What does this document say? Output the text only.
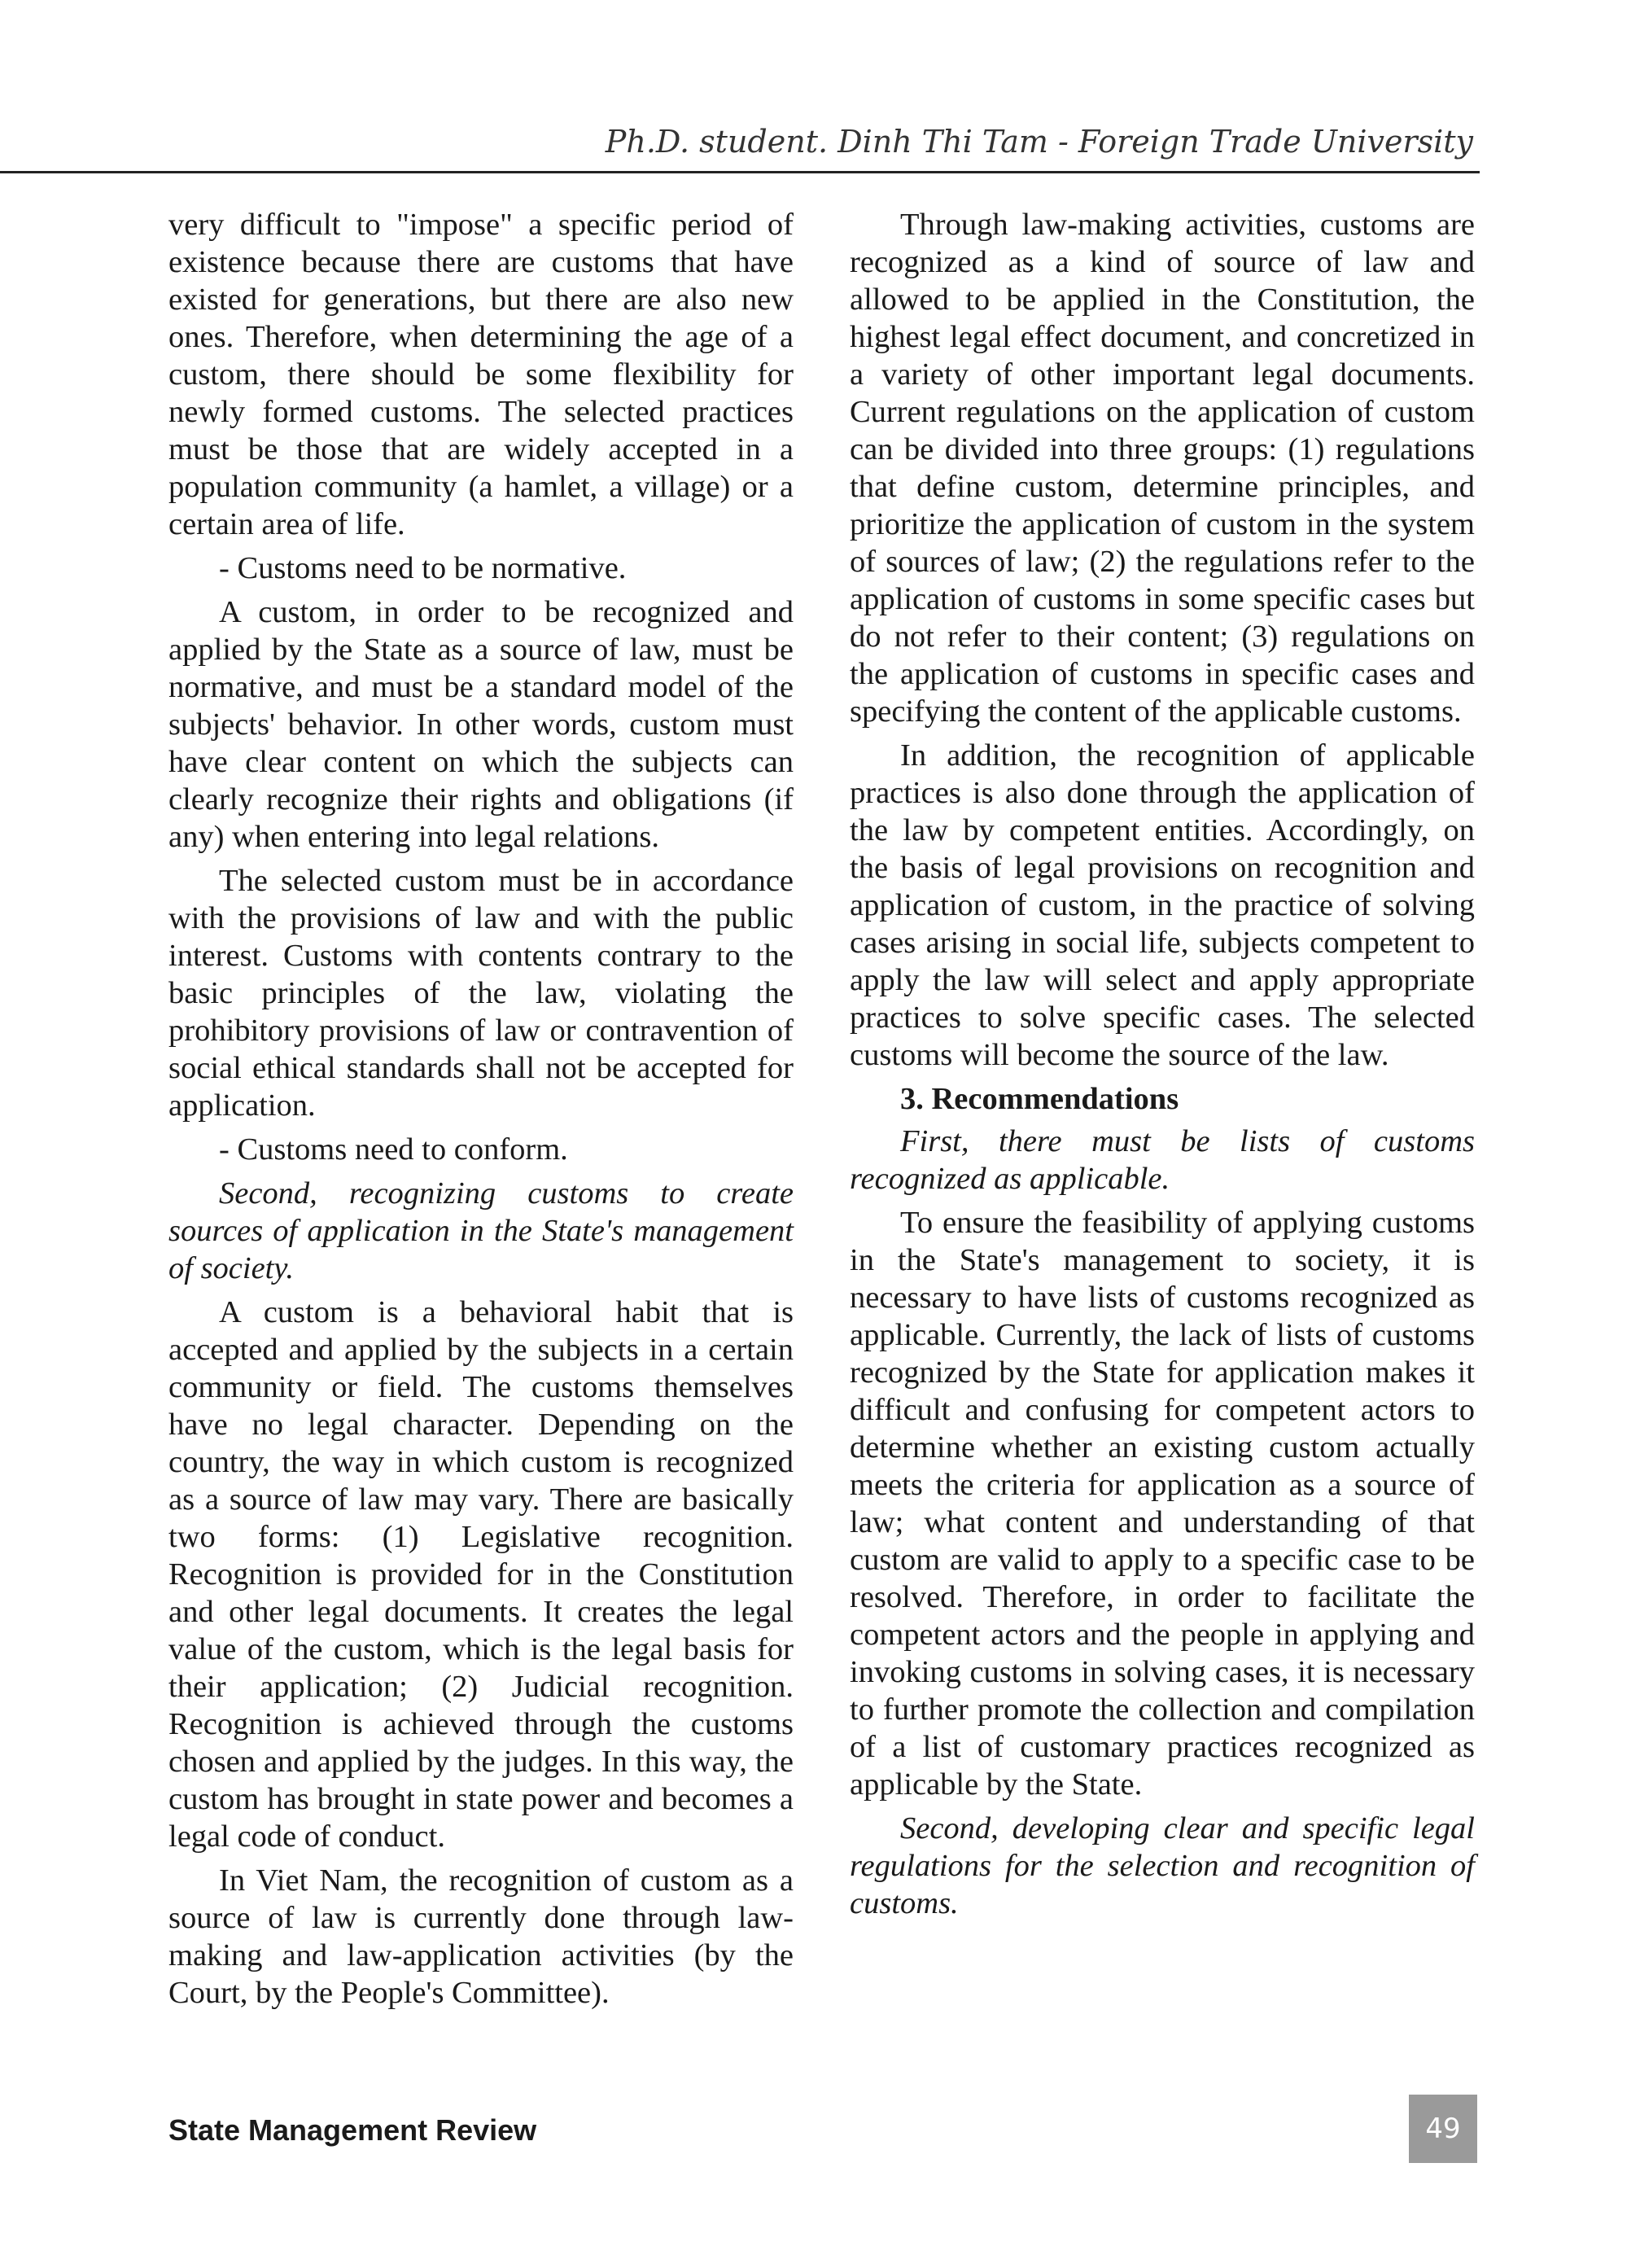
Ph.D. student. Dinh Thi Tam - Foreign Trade University

very difficult to "impose" a specific period of existence because there are customs that have existed for generations, but there are also new ones. Therefore, when determining the age of a custom, there should be some flexibility for newly formed customs. The selected practices must be those that are widely accepted in a population community (a hamlet, a village) or a certain area of life.

- Customs need to be normative.

A custom, in order to be recognized and applied by the State as a source of law, must be normative, and must be a standard model of the subjects' behavior. In other words, custom must have clear content on which the subjects can clearly recognize their rights and obligations (if any) when entering into legal relations.

The selected custom must be in accordance with the provisions of law and with the public interest. Customs with contents contrary to the basic principles of the law, violating the prohibitory provisions of law or contravention of social ethical standards shall not be accepted for application.

- Customs need to conform.

Second, recognizing customs to create sources of application in the State's management of society.

A custom is a behavioral habit that is accepted and applied by the subjects in a certain community or field. The customs themselves have no legal character. Depending on the country, the way in which custom is recognized as a source of law may vary. There are basically two forms: (1) Legislative recognition. Recognition is provided for in the Constitution and other legal documents. It creates the legal value of the custom, which is the legal basis for their application; (2) Judicial recognition. Recognition is achieved through the customs chosen and applied by the judges. In this way, the custom has brought in state power and becomes a legal code of conduct.

In Viet Nam, the recognition of custom as a source of law is currently done through law-making and law-application activities (by the Court, by the People's Committee).

Through law-making activities, customs are recognized as a kind of source of law and allowed to be applied in the Constitution, the highest legal effect document, and concretized in a variety of other important legal documents. Current regulations on the application of custom can be divided into three groups: (1) regulations that define custom, determine principles, and prioritize the application of custom in the system of sources of law; (2) the regulations refer to the application of customs in some specific cases but do not refer to their content; (3) regulations on the application of customs in specific cases and specifying the content of the applicable customs.

In addition, the recognition of applicable practices is also done through the application of the law by competent entities. Accordingly, on the basis of legal provisions on recognition and application of custom, in the practice of solving cases arising in social life, subjects competent to apply the law will select and apply appropriate practices to solve specific cases. The selected customs will become the source of the law.

3. Recommendations

First, there must be lists of customs recognized as applicable.

To ensure the feasibility of applying customs in the State's management to society, it is necessary to have lists of customs recognized as applicable. Currently, the lack of lists of customs recognized by the State for application makes it difficult and confusing for competent actors to determine whether an existing custom actually meets the criteria for application as a source of law; what content and understanding of that custom are valid to apply to a specific case to be resolved. Therefore, in order to facilitate the competent actors and the people in applying and invoking customs in solving cases, it is necessary to further promote the collection and compilation of a list of customary practices recognized as applicable by the State.

Second, developing clear and specific legal regulations for the selection and recognition of customs.

State Management Review	49
